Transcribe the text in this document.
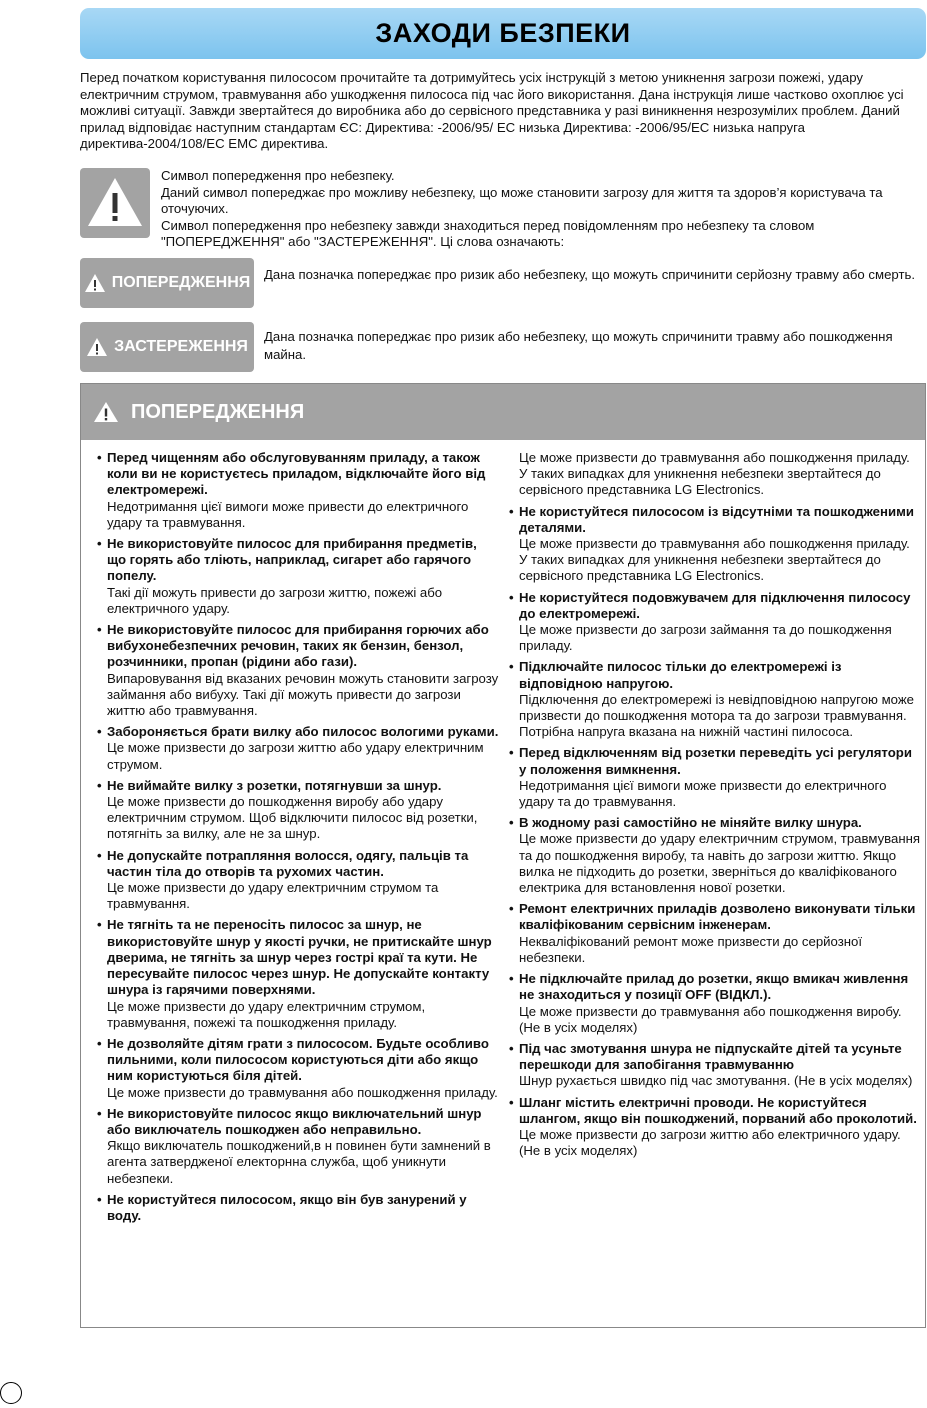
ЗАХОДИ БЕЗПЕКИ

Перед початком користування пилососом прочитайте та дотримуйтесь усіх інструкцій з метою уникнення загрози пожежі, удару електричним струмом, травмування або ушкодження пилососа під час його використання. Дана інструкція лише частково охоплює усі можливі ситуації. Завжди звертайтеся до виробника або до сервісного представника у разі виникнення незрозумілих проблем. Даний прилад відповідає наступним стандартам ЄС: Директива: -2006/95/ ЕС низька Директива: -2006/95/ЕС низька напруга директива-2004/108/ЕС ЕМС директива.

Символ попередження про небезпеку.

Даний символ попереджає про можливу небезпеку, що може становити загрозу для життя та здоров’я користувача та оточуючих.

Символ попередження про небезпеку завжди знаходиться перед повідомленням про небезпеку та словом "ПОПЕРЕДЖЕННЯ" або "ЗАСТЕРЕЖЕННЯ". Ці слова означають:

ПОПЕРЕДЖЕННЯ Дана позначка попереджає про ризик або небезпеку, що можуть спричинити серйозну травму або смерть.
ЗАСТЕРЕЖЕННЯ
Дана позначка попереджає про ризик або небезпеку, що можуть спричинити травму або пошкодження майна.
ПОПЕРЕДЖЕННЯ
• Перед чищенням або обслуговуванням приладу, а також коли ви не користуєтесь приладом, відключайте його від електромережі.
Недотримання цієї вимоги може привести до електричного удару та травмування.
• Не використовуйте пилосос для прибирання предметів, що горять або тліють, наприклад, сигарет або гарячого попелу.
Такі дії можуть привести до загрози життю, пожежі або електричного удару.
• Не використовуйте пилосос для прибирання горючих або вибухонебезпечних речовин, таких як бензин, бензол, розчинники, пропан (рідини або гази).
Випаровування від вказаних речовин можуть становити загрозу займання або вибуху. Такі дії можуть привести до загрози життю або травмування.
• Забороняється брати вилку або пилосос вологими руками.
Це може призвести до загрози життю або удару електричним струмом.
• Не виймайте вилку з розетки, потягнувши за шнур.
Це може призвести до пошкодження виробу або удару електричним струмом. Щоб відключити пилосос від розетки, потягніть за вилку, але не за шнур.
• Не допускайте потрапляння волосся, одягу, пальців та частин тіла до отворів та рухомих частин.
Це може призвести до удару електричним струмом та травмування.
• Не тягніть та не переносіть пилосос за шнур, не використовуйте шнур у якості ручки, не притискайте шнур дверима, не тягніть за шнур через гострі краї та кути. Не пересувайте пилосос через шнур. Не допускайте контакту шнура із гарячими поверхнями.
Це може призвести до удару електричним струмом, травмування, пожежі та пошкодження приладу.
• Не дозволяйте дітям грати з пилососом. Будьте особливо пильними, коли пилососом користуються діти або якщо ним користуються біля дітей.
Це може призвести до травмування або пошкодження приладу.
• Не використовуйте пилосос якщо виключательний шнур або виключатель пошкоджен або неправильно.
Якщо виключатель пошкоджений,в н повинен бути замнений в агента затвердженої електорнна служба, щоб уникнути небезпеки.
• Не користуйтеся пилососом, якщо він був занурений у воду.
Це може призвести до травмування або пошкодження приладу. У таких випадках для уникнення небезпеки звертайтеся до сервісного представника LG Electronics.
• Не користуйтеся пилососом із відсутніми та пошкодженими деталями.
Це може призвести до травмування або пошкодження приладу. У таких випадках для уникнення небезпеки звертайтеся до сервісного представника LG Electronics.
• Не користуйтеся подовжувачем для підключення пилососу до електромережі.
Це може призвести до загрози займання та до пошкодження приладу.
• Підключайте пилосос тільки до електромережі із відповідною напругою.
Підключення до електромережі із невідповідною напругою може призвести до пошкодження мотора та до загрози травмування. Потрібна напруга вказана на нижній частині пилососа.
• Перед відключенням від розетки переведіть усі регулятори у положення вимкнення.
Недотримання цієї вимоги може призвести до електричного удару та до травмування.
• В жодному разі самостійно не міняйте вилку шнура.
Це може призвести до удару електричним струмом, травмування та до пошкодження виробу, та навіть до загрози життю. Якщо вилка не підходить до розетки, зверніться до кваліфікованого електрика для встановлення нової розетки.
• Ремонт електричних приладів дозволено виконувати тільки кваліфікованим сервісним інженерам.
Некваліфікований ремонт може призвести до серйозної небезпеки.
• Не підключайте прилад до розетки, якщо вмикач живлення не знаходиться у позиції OFF (ВІДКЛ.).
Це може призвести до травмування або пошкодження виробу.(Не в усіх моделях)
• Під час змотування шнура не підпускайте дітей та усуньте перешкоди для запобігання травмуванню
Шнур рухається швидко під час змотування. (Не в усіх моделях)
• Шланг містить електричні проводи. Не користуйтеся шлангом, якщо він пошкоджений, порваний або проколотий.
Це може призвести до загрози життю або електричного удару.(Не в усіх моделях)
